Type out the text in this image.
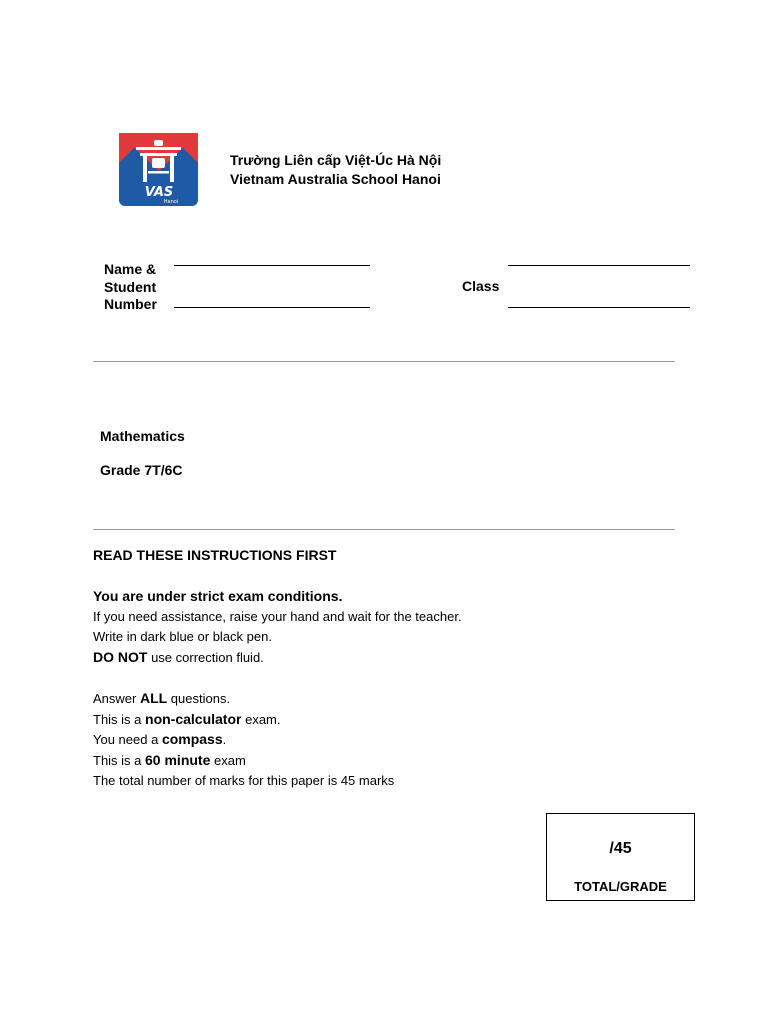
VAS
Hanoi
Trường Liên cấp Việt-Úc Hà Nội
Vietnam Australia School Hanoi
Name &
Student
Number
Class
Mathematics
Grade 7T/6C
READ THESE INSTRUCTIONS FIRST
You are under strict exam conditions.
If you need assistance, raise your hand and wait for the teacher.
Write in dark blue or black pen.
DO NOT use correction fluid.
Answer ALL questions.
This is a non-calculator exam.
You need a compass.
This is a 60 minute exam
The total number of marks for this paper is 45 marks
/45
TOTAL/GRADE
